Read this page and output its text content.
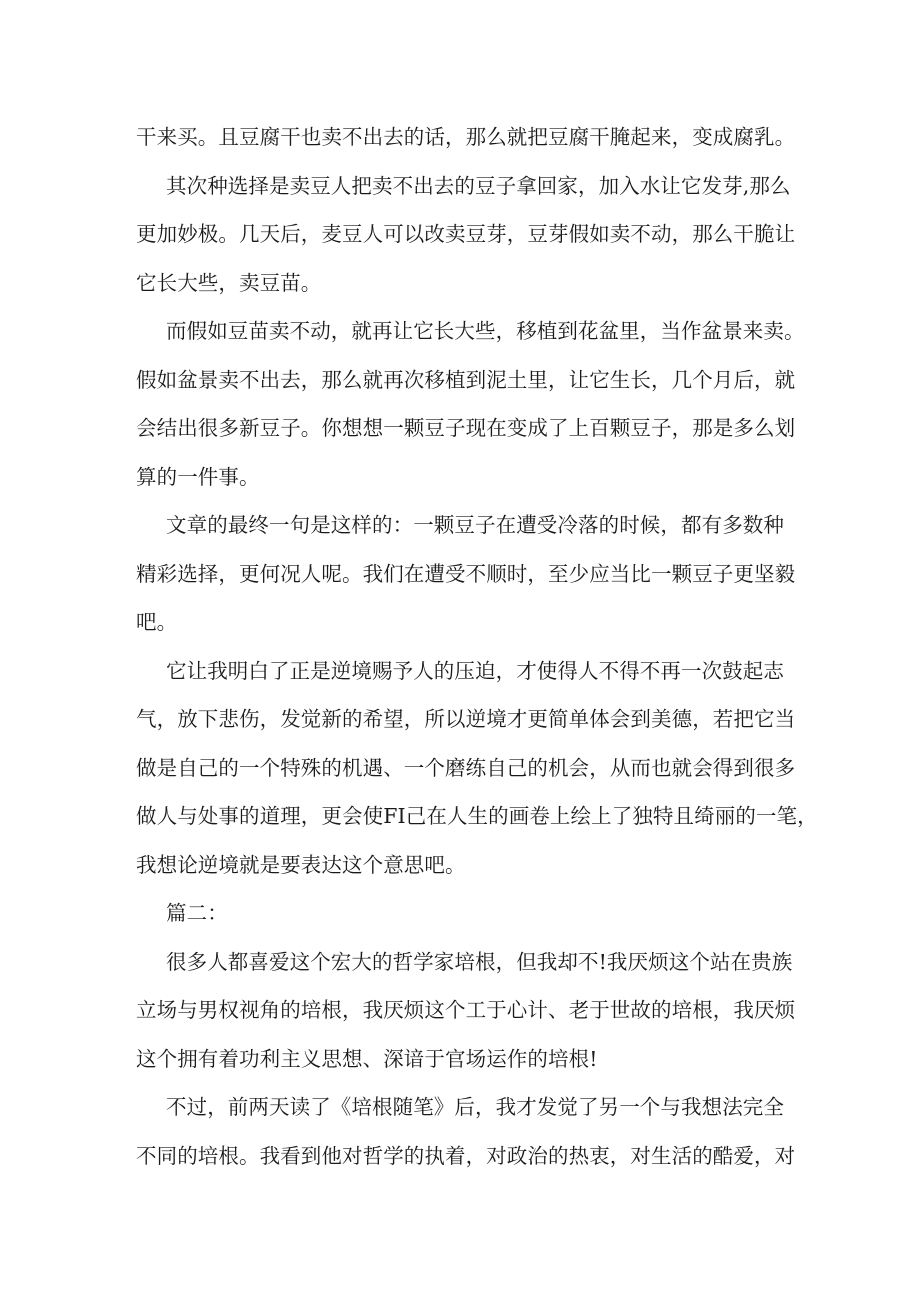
干来买。且豆腐干也卖不出去的话，那么就把豆腐干腌起来，变成腐乳。

其次种选择是卖豆人把卖不出去的豆子拿回家，加入水让它发芽,那么
更加妙极。几天后，麦豆人可以改卖豆芽，豆芽假如卖不动，那么干脆让
它长大些，卖豆苗。

而假如豆苗卖不动，就再让它长大些，移植到花盆里，当作盆景来卖。
假如盆景卖不出去，那么就再次移植到泥土里，让它生长，几个月后，就
会结出很多新豆子。你想想一颗豆子现在变成了上百颗豆子，那是多么划
算的一件事。

文章的最终一句是这样的：一颗豆子在遭受冷落的时候，都有多数种
精彩选择，更何况人呢。我们在遭受不顺时，至少应当比一颗豆子更坚毅
吧。

它让我明白了正是逆境赐予人的压迫，才使得人不得不再一次鼓起志
气，放下悲伤，发觉新的希望，所以逆境才更简单体会到美德，若把它当
做是自己的一个特殊的机遇、一个磨练自己的机会，从而也就会得到很多
做人与处事的道理，更会使FI己在人生的画卷上绘上了独特且绮丽的一笔，
我想论逆境就是要表达这个意思吧。

篇二：

很多人都喜爱这个宏大的哲学家培根，但我却不!我厌烦这个站在贵族
立场与男权视角的培根，我厌烦这个工于心计、老于世故的培根，我厌烦
这个拥有着功利主义思想、深谙于官场运作的培根!

不过，前两天读了《培根随笔》后，我才发觉了另一个与我想法完全
不同的培根。我看到他对哲学的执着，对政治的热衷，对生活的酷爱，对
